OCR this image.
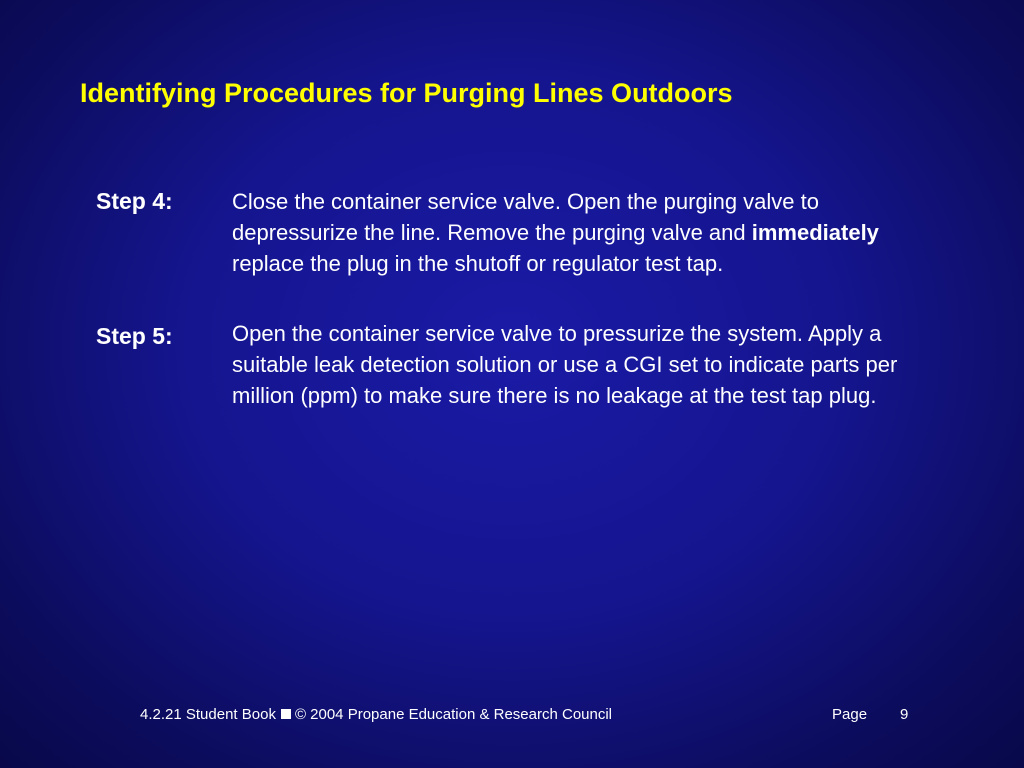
Identifying Procedures for Purging Lines Outdoors
Step 4:	Close the container service valve. Open the purging valve to depressurize the line. Remove the purging valve and immediately replace the plug in the shutoff or regulator test tap.
Step 5:	Open the container service valve to pressurize the system. Apply a suitable leak detection solution or use a CGI set to indicate parts per million (ppm) to make sure there is no leakage at the test tap plug.
4.2.21 Student Book © 2004 Propane Education & Research Council	Page 9
